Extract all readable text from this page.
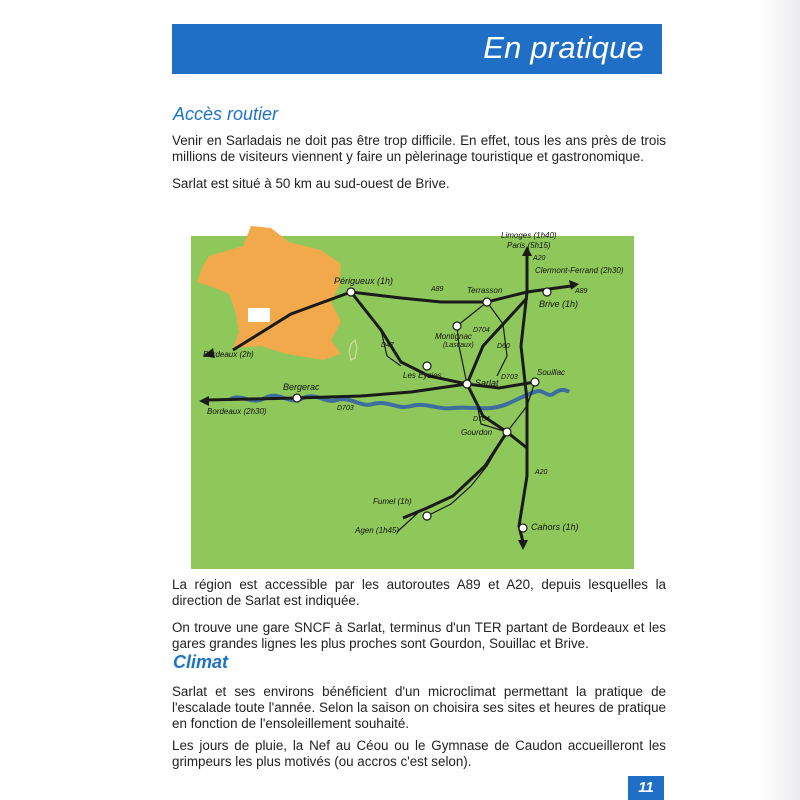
En pratique
Accès routier

Venir en Sarladais ne doit pas être trop difficile. En effet, tous les ans près de trois millions de visiteurs viennent y faire un pèlerinage touristique et gastronomique.

Sarlat est situé à 50 km au sud-ouest de Brive.

Limoges (1h40)
Paris (5h15)
Clermont-Ferrand (2h30)
Brive (1h)
Périgueux (1h)
Terrasson
Montignac
(Lascaux)
Les Eyzies
Sarlat
Souillac
Bergerac
Bordeaux (2h)
Bordeaux (2h30)
Gourdon
Fumel (1h)
Agen (1h45)	Cahors (1h)
A20
A89
A89
D704
D60
D47
D703
D703
D704
A20

La région est accessible par les autoroutes A89 et A20, depuis lesquelles la direction de Sarlat est indiquée.

On trouve une gare SNCF à Sarlat, terminus d'un TER partant de Bordeaux et les gares grandes lignes les plus proches sont Gourdon, Souillac et Brive.

Climat

Sarlat et ses environs bénéficient d'un microclimat permettant la pratique de l'escalade toute l'année. Selon la saison on choisira ses sites et heures de pratique en fonction de l'ensoleillement souhaité.

Les jours de pluie, la Nef au Céou ou le Gymnase de Caudon accueilleront les grimpeurs les plus motivés (ou accros c'est selon).

11
